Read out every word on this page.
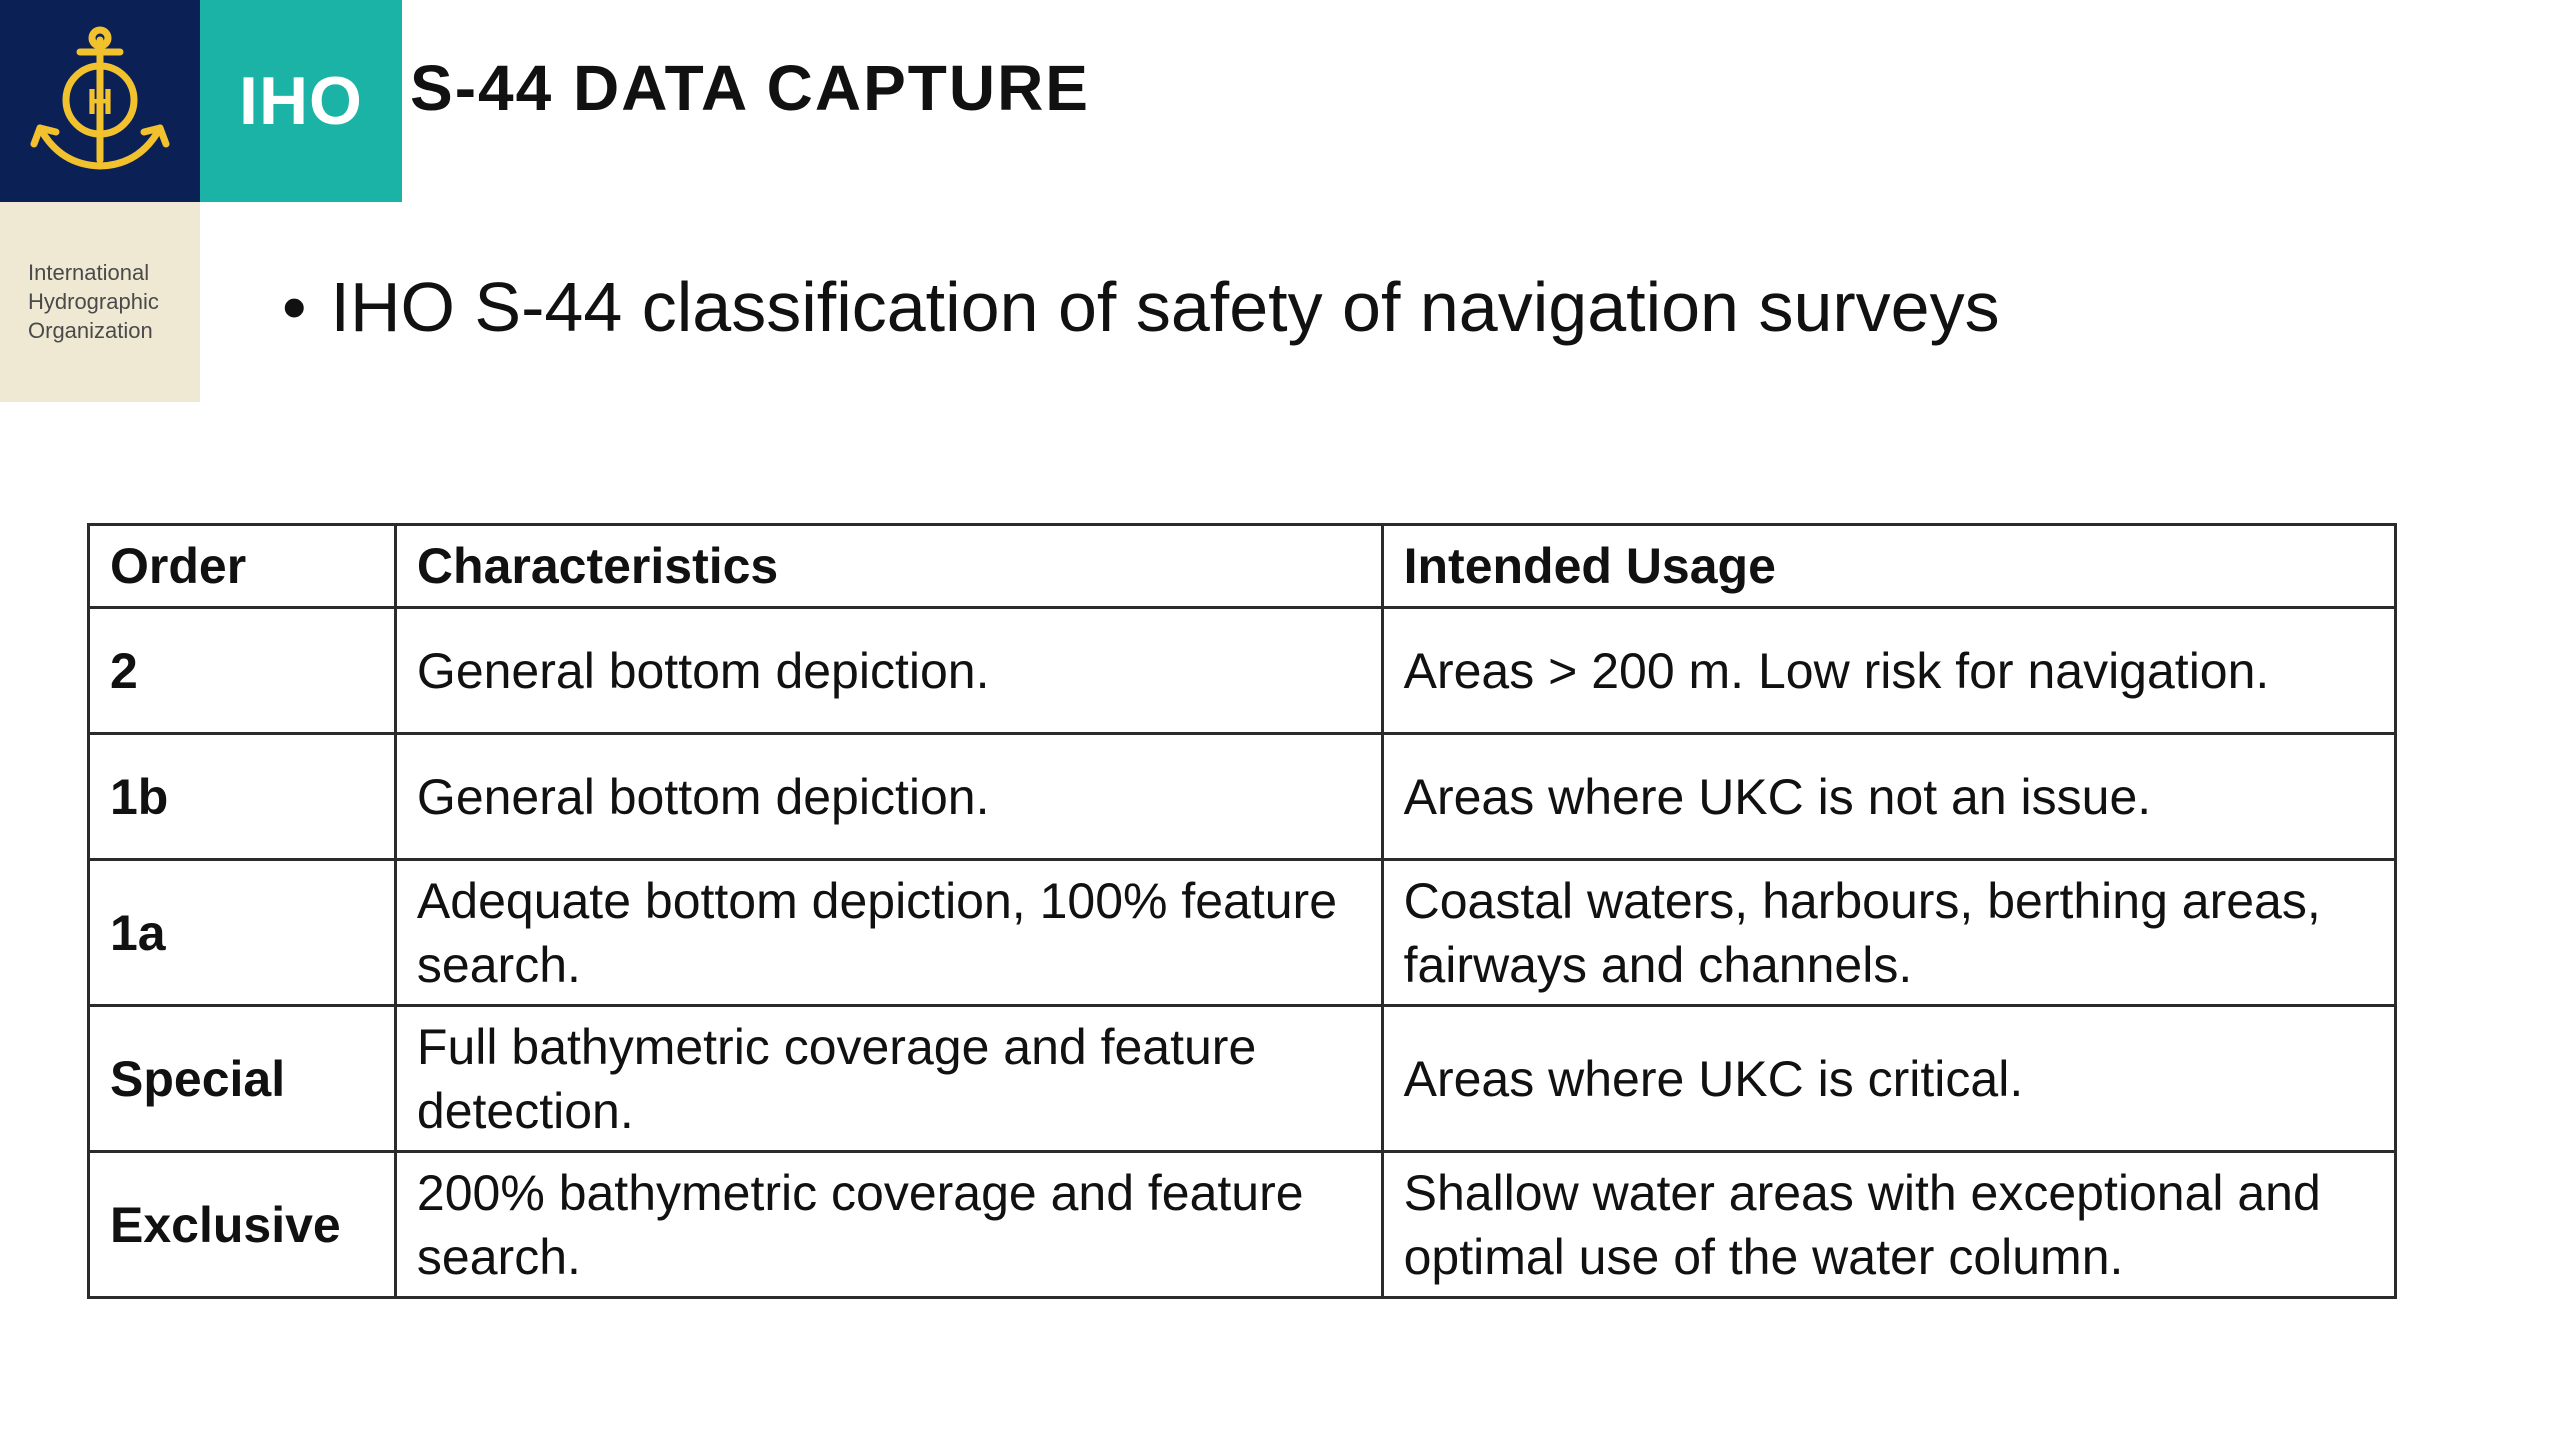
H	IHO
International
Hydrographic
Organization
S-44 DATA CAPTURE

• IHO S-44 classification of safety of navigation surveys

Order	Characteristics	Intended Usage
2	General bottom depiction.	Areas > 200 m. Low risk for navigation.
1b	General bottom depiction.	Areas where UKC is not an issue.
1a	Adequate bottom depiction, 100% feature search.	Coastal waters, harbours, berthing areas, fairways and channels.
Special	Full bathymetric coverage and feature detection.	Areas where UKC is critical.
Exclusive	200% bathymetric coverage and feature search.	Shallow water areas with exceptional and optimal use of the water column.
